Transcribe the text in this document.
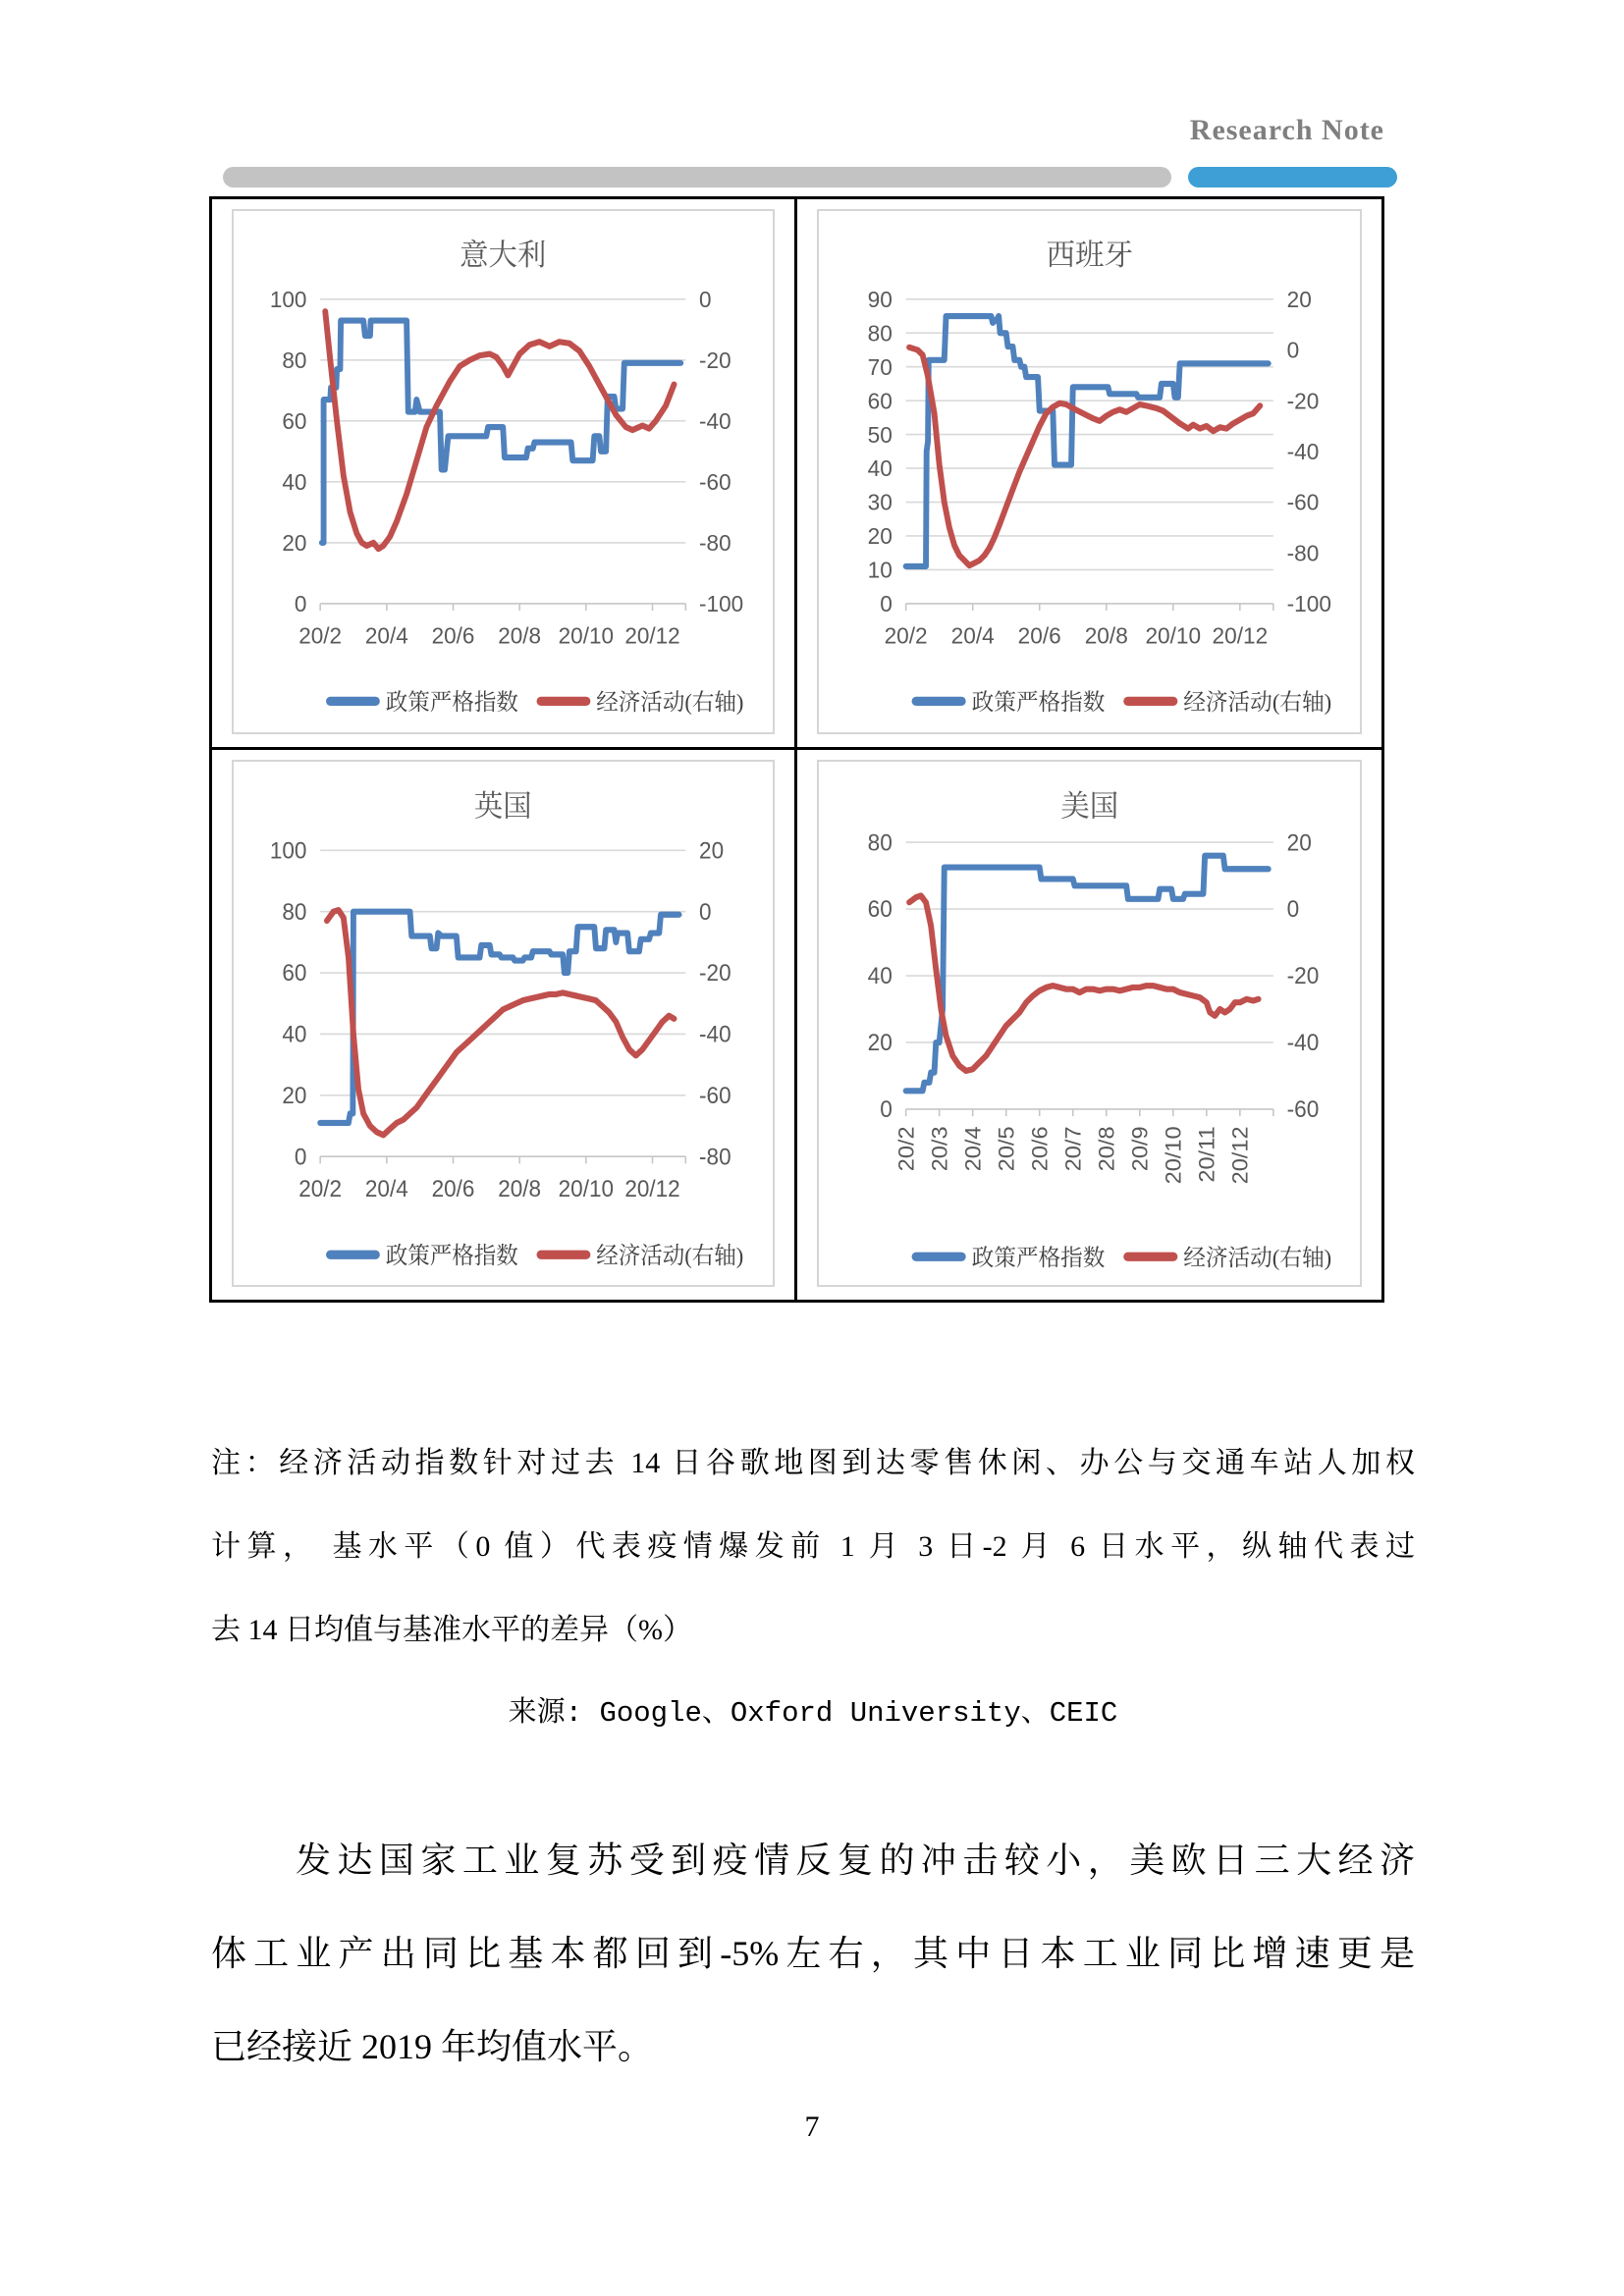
Research Note
意大利
100
80
60
40
20
0
0
-20
-40
-60
-80
-100
20/2 20/4 20/6 20/8 20/10 20/12
政策严格指数	经济活动(右轴)
西班牙
90
80
70
60
50
40
30
20
10
0
20
0
-20
-40
-60
-80
-100
20/2 20/4 20/6 20/8 20/10 20/12
政策严格指数	经济活动(右轴)
英国
100
80
60
40
20
0
20
0
-20
-40
-60
-80
20/2 20/4 20/6 20/8 20/10 20/12
政策严格指数	经济活动(右轴)
美国
80
60
40
20
0
20
0
-20
-40
-60
20/2 20/3 20/4 20/5 20/6 20/7 20/8 20/9 20/10 20/11 20/12
政策严格指数	经济活动(右轴)
注：经济活动指数针对过去 14 日谷歌地图到达零售休闲、办公与交通车站人加权
计算， 基水平（0 值）代表疫情爆发前 1 月 3 日-2 月 6 日水平，纵轴代表过
去 14 日均值与基准水平的差异（%）
来源: Google、Oxford University、CEIC
发达国家工业复苏受到疫情反复的冲击较小，美欧日三大经济
体工业产出同比基本都回到-5%左右，其中日本工业同比增速更是
已经接近 2019 年均值水平。
7
